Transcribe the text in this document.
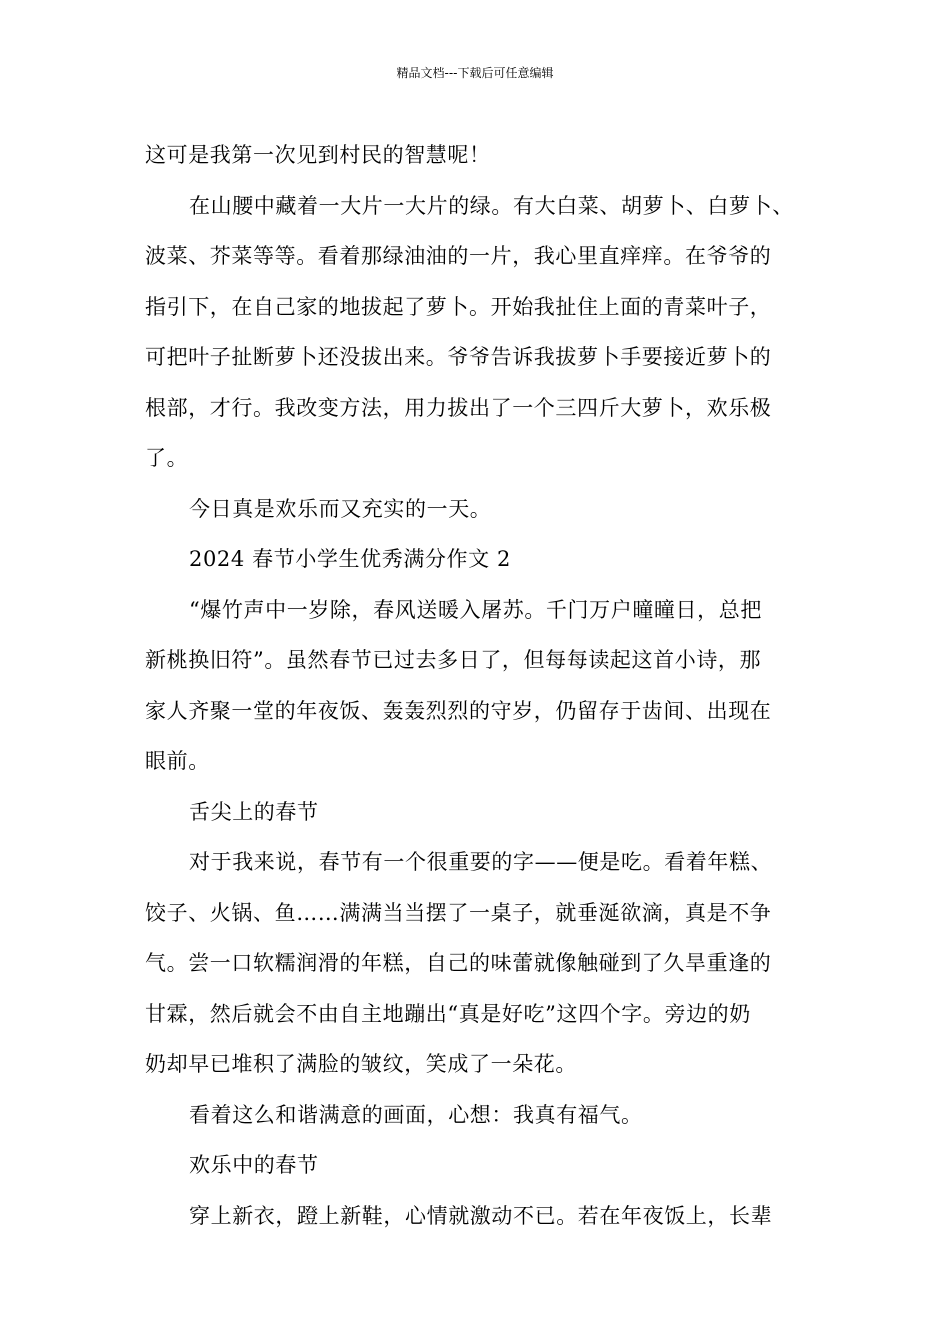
精品文档---下载后可任意编辑

这可是我第一次见到村民的智慧呢！

在山腰中藏着一大片一大片的绿。有大白菜、胡萝卜、白萝卜、

波菜、芥菜等等。看着那绿油油的一片，我心里直痒痒。在爷爷的

指引下，在自己家的地拔起了萝卜。开始我扯住上面的青菜叶子，

可把叶子扯断萝卜还没拔出来。爷爷告诉我拔萝卜手要接近萝卜的

根部，才行。我改变方法，用力拔出了一个三四斤大萝卜，欢乐极

了。

今日真是欢乐而又充实的一天。

2024 春节小学生优秀满分作文 2

“爆竹声中一岁除，春风送暖入屠苏。千门万户曈曈日，总把

新桃换旧符”。虽然春节已过去多日了，但每每读起这首小诗，那

家人齐聚一堂的年夜饭、轰轰烈烈的守岁，仍留存于齿间、出现在

眼前。

舌尖上的春节

对于我来说，春节有一个很重要的字——便是吃。看着年糕、

饺子、火锅、鱼……满满当当摆了一桌子，就垂涎欲滴，真是不争

气。尝一口软糯润滑的年糕，自己的味蕾就像触碰到了久旱重逢的

甘霖，然后就会不由自主地蹦出“真是好吃”这四个字。旁边的奶

奶却早已堆积了满脸的皱纹，笑成了一朵花。

看着这么和谐满意的画面，心想：我真有福气。

欢乐中的春节

穿上新衣，蹬上新鞋，心情就激动不已。若在年夜饭上，长辈
